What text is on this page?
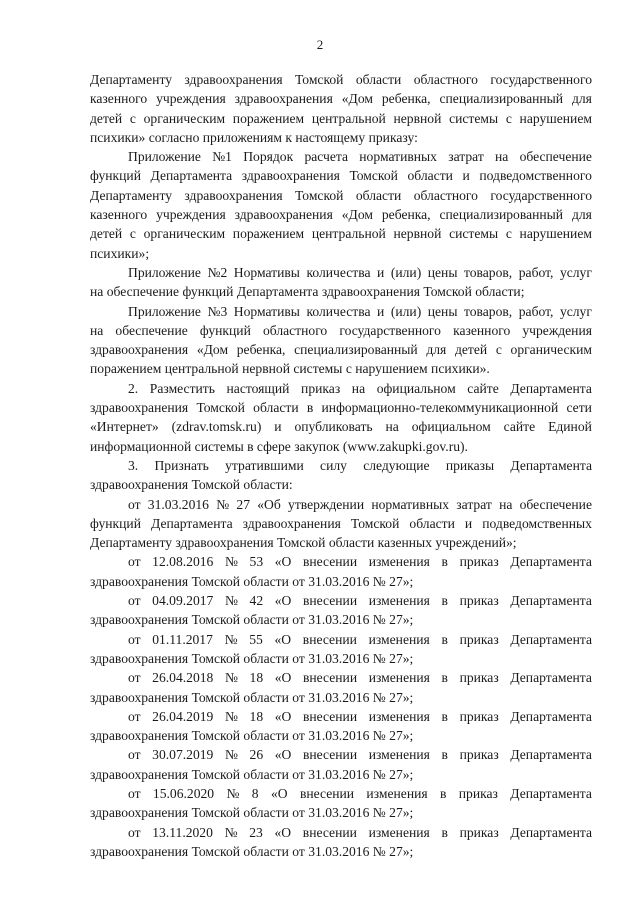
2
Департаменту здравоохранения Томской области областного государственного
казенного учреждения здравоохранения «Дом ребенка, специализированный для
детей с органическим поражением центральной нервной системы с нарушением
психики» согласно приложениям к настоящему приказу:
Приложение №1 Порядок расчета нормативных затрат на обеспечение
функций Департамента здравоохранения Томской области и подведомственного
Департаменту здравоохранения Томской области областного государственного
казенного учреждения здравоохранения «Дом ребенка, специализированный для
детей с органическим поражением центральной нервной системы с нарушением
психики»;
Приложение №2 Нормативы количества и (или) цены товаров, работ, услуг
на обеспечение функций Департамента здравоохранения Томской области;
Приложение №3 Нормативы количества и (или) цены товаров, работ, услуг
на обеспечение функций областного государственного казенного учреждения
здравоохранения «Дом ребенка, специализированный для детей с органическим
поражением центральной нервной системы с нарушением психики».
2. Разместить настоящий приказ на официальном сайте Департамента
здравоохранения Томской области в информационно-телекоммуникационной сети
«Интернет» (zdrav.tomsk.ru) и опубликовать на официальном сайте Единой
информационной системы в сфере закупок (www.zakupki.gov.ru).
3. Признать утратившими силу следующие приказы Департамента
здравоохранения Томской области:
от 31.03.2016 № 27 «Об утверждении нормативных затрат на обеспечение
функций Департамента здравоохранения Томской области и подведомственных
Департаменту здравоохранения Томской области казенных учреждений»;
от 12.08.2016 № 53 «О внесении изменения в приказ Департамента
здравоохранения Томской области от 31.03.2016 № 27»;
от 04.09.2017 № 42 «О внесении изменения в приказ Департамента
здравоохранения Томской области от 31.03.2016 № 27»;
от 01.11.2017 № 55 «О внесении изменения в приказ Департамента
здравоохранения Томской области от 31.03.2016 № 27»;
от 26.04.2018 № 18 «О внесении изменения в приказ Департамента
здравоохранения Томской области от 31.03.2016 № 27»;
от 26.04.2019 № 18 «О внесении изменения в приказ Департамента
здравоохранения Томской области от 31.03.2016 № 27»;
от 30.07.2019 № 26 «О внесении изменения в приказ Департамента
здравоохранения Томской области от 31.03.2016 № 27»;
от 15.06.2020 № 8 «О внесении изменения в приказ Департамента
здравоохранения Томской области от 31.03.2016 № 27»;
от 13.11.2020 № 23 «О внесении изменения в приказ Департамента
здравоохранения Томской области от 31.03.2016 № 27»;
